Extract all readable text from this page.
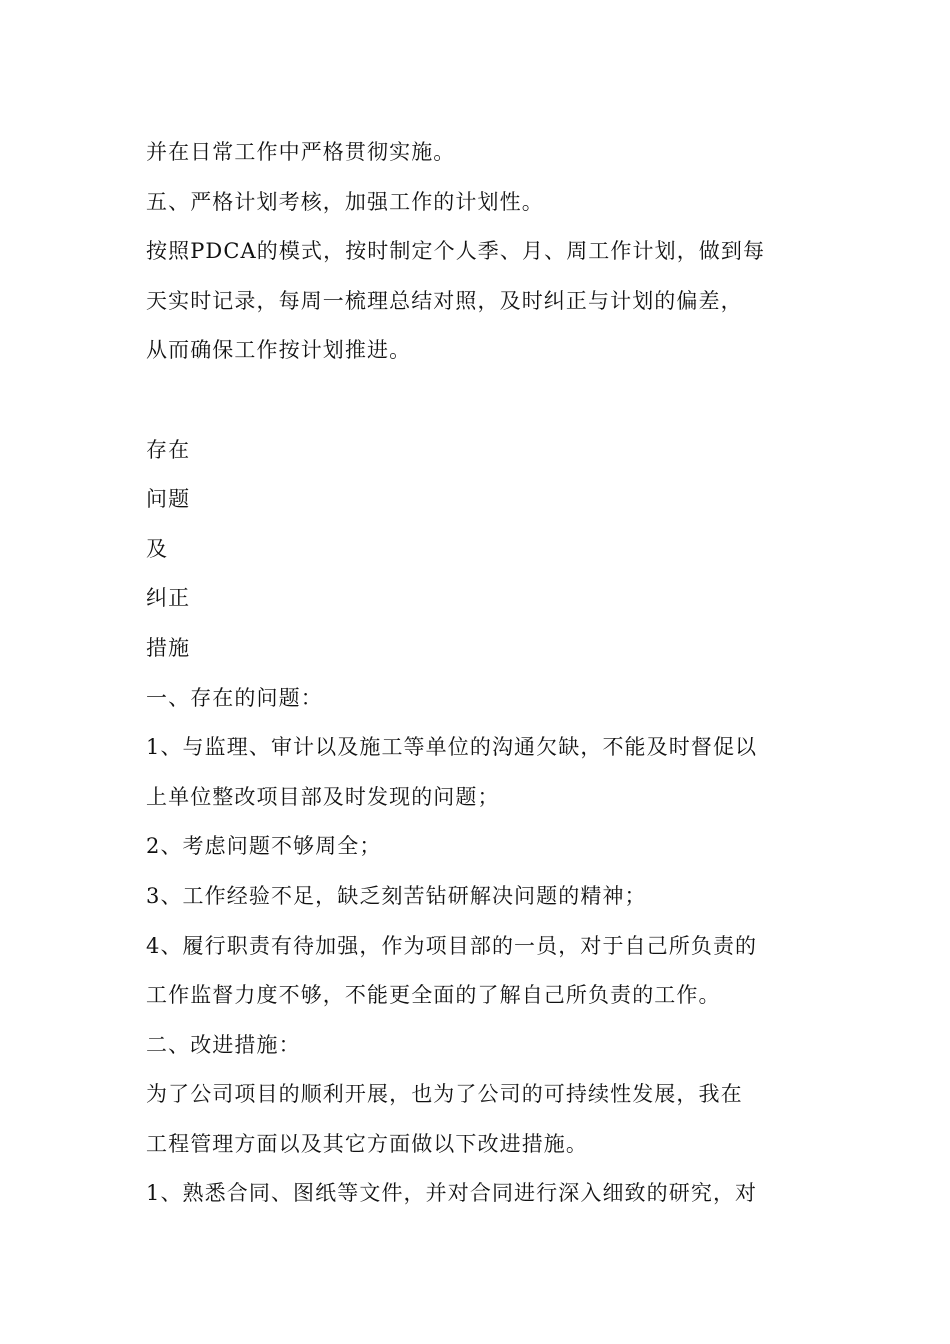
并在日常工作中严格贯彻实施。

五、严格计划考核，加强工作的计划性。

按照PDCA的模式，按时制定个人季、月、周工作计划，做到每

天实时记录，每周一梳理总结对照，及时纠正与计划的偏差，

从而确保工作按计划推进。

存在

问题

及

纠正

措施

一、存在的问题：

1、与监理、审计以及施工等单位的沟通欠缺，不能及时督促以

上单位整改项目部及时发现的问题；

2、考虑问题不够周全；

3、工作经验不足，缺乏刻苦钻研解决问题的精神；

4、履行职责有待加强，作为项目部的一员，对于自己所负责的

工作监督力度不够，不能更全面的了解自己所负责的工作。

二、改进措施：

为了公司项目的顺利开展，也为了公司的可持续性发展，我在

工程管理方面以及其它方面做以下改进措施。

1、熟悉合同、图纸等文件，并对合同进行深入细致的研究，对
